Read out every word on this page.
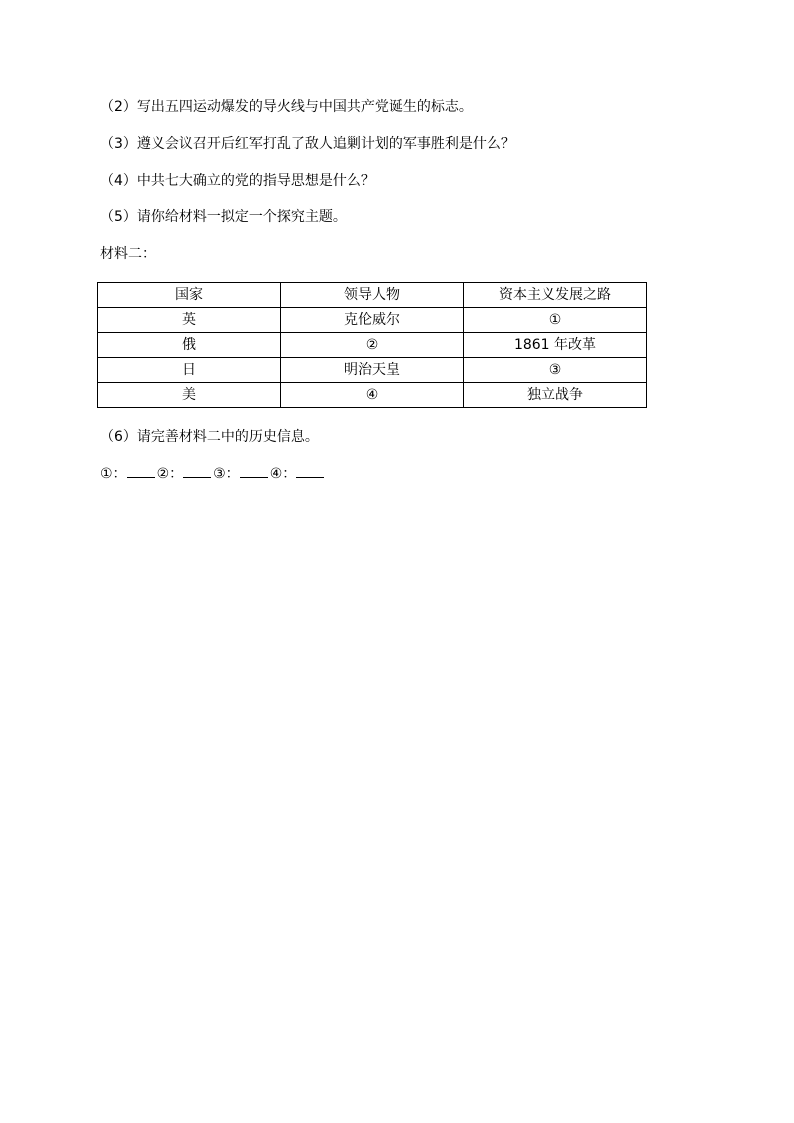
（2）写出五四运动爆发的导火线与中国共产党诞生的标志。
（3）遵义会议召开后红军打乱了敌人追剿计划的军事胜利是什么？
（4）中共七大确立的党的指导思想是什么？
（5）请你给材料一拟定一个探究主题。
材料二：
国家	领导人物	资本主义发展之路
英	克伦威尔	①
俄	②	1861 年改革
日	明治天皇	③
美	④	独立战争
（6）请完善材料二中的历史信息。
①： ②： ③： ④：
